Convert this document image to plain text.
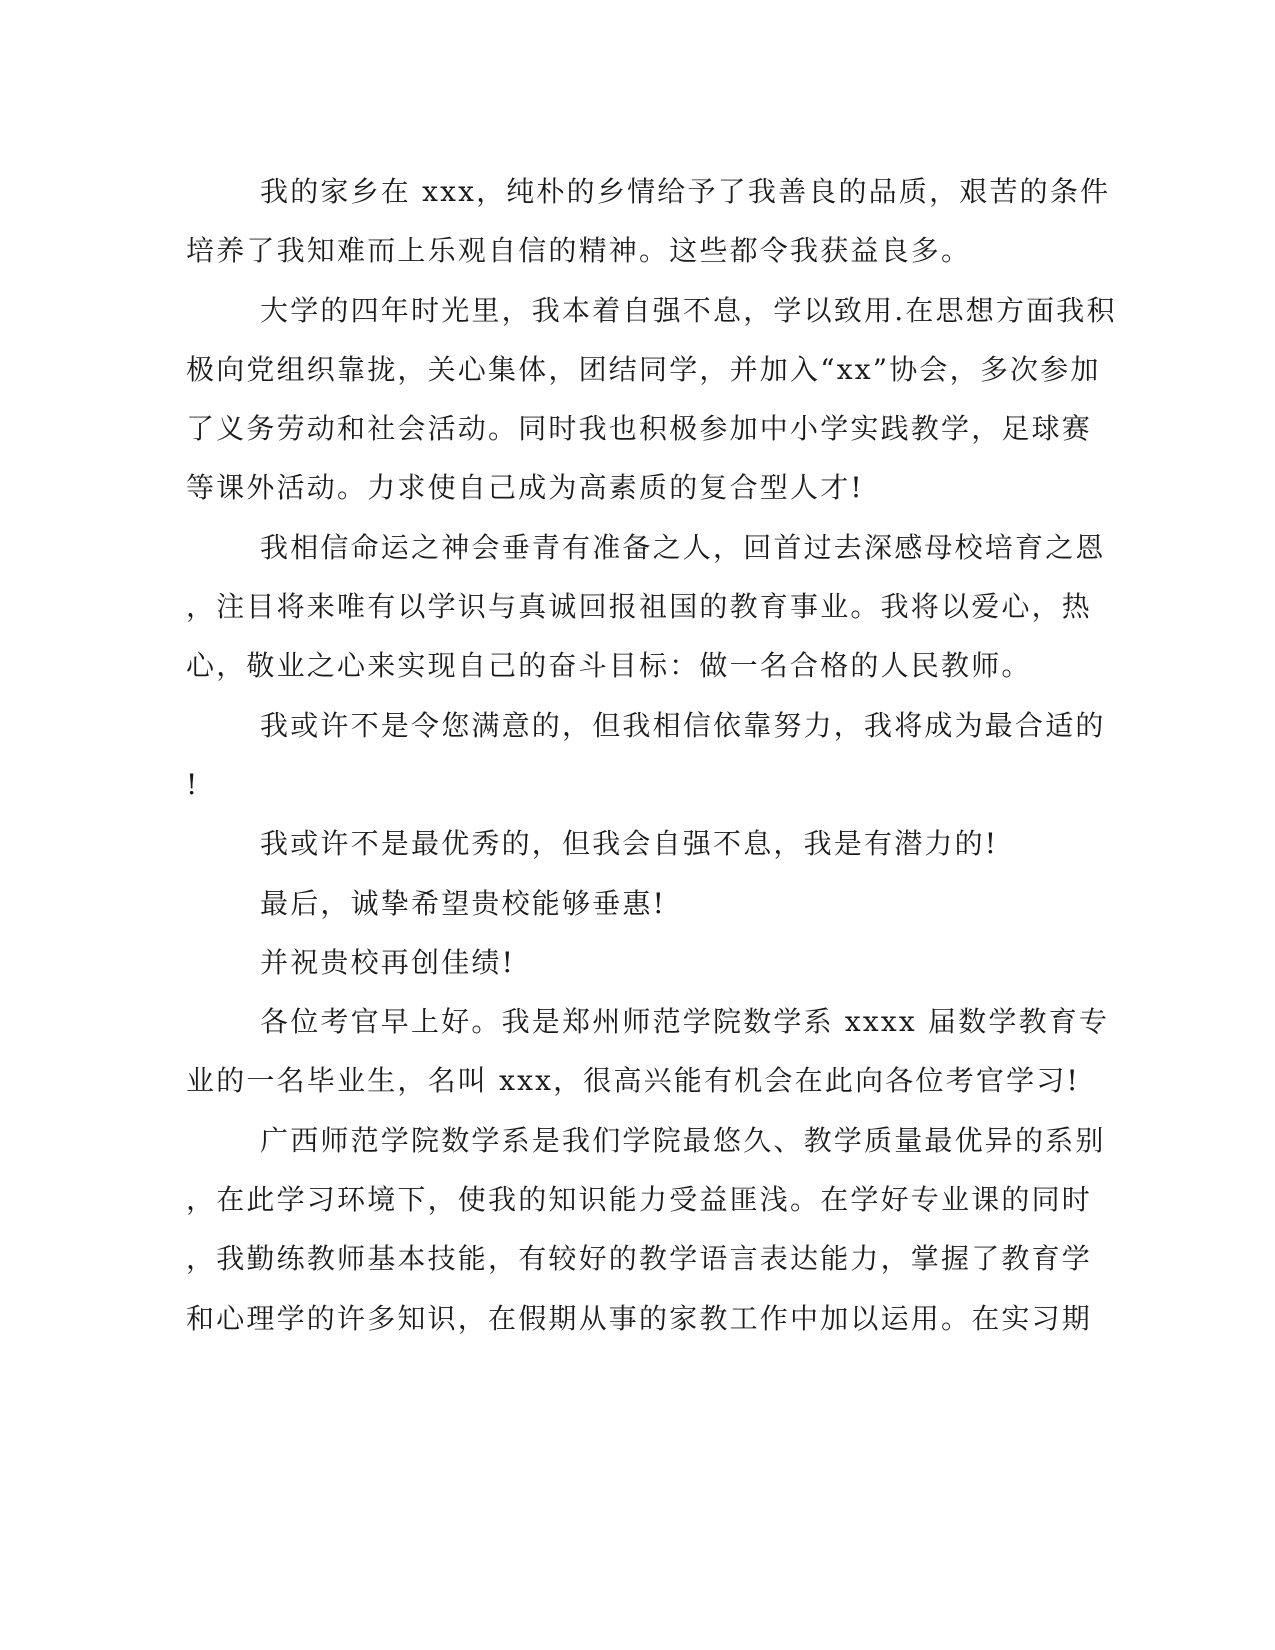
我的家乡在 xxx，纯朴的乡情给予了我善良的品质，艰苦的条件
培养了我知难而上乐观自信的精神。这些都令我获益良多。
大学的四年时光里，我本着自强不息，学以致用.在思想方面我积
极向党组织靠拢，关心集体，团结同学，并加入“xx”协会，多次参加
了义务劳动和社会活动。同时我也积极参加中小学实践教学，足球赛
等课外活动。力求使自己成为高素质的复合型人才!
我相信命运之神会垂青有准备之人，回首过去深感母校培育之恩
，注目将来唯有以学识与真诚回报祖国的教育事业。我将以爱心，热
心，敬业之心来实现自己的奋斗目标：做一名合格的人民教师。
我或许不是令您满意的，但我相信依靠努力，我将成为最合适的
!
我或许不是最优秀的，但我会自强不息，我是有潜力的!
最后，诚挚希望贵校能够垂惠!
并祝贵校再创佳绩!
各位考官早上好。我是郑州师范学院数学系 xxxx 届数学教育专
业的一名毕业生，名叫 xxx，很高兴能有机会在此向各位考官学习!
广西师范学院数学系是我们学院最悠久、教学质量最优异的系别
，在此学习环境下，使我的知识能力受益匪浅。在学好专业课的同时
，我勤练教师基本技能，有较好的教学语言表达能力，掌握了教育学
和心理学的许多知识，在假期从事的家教工作中加以运用。在实习期
